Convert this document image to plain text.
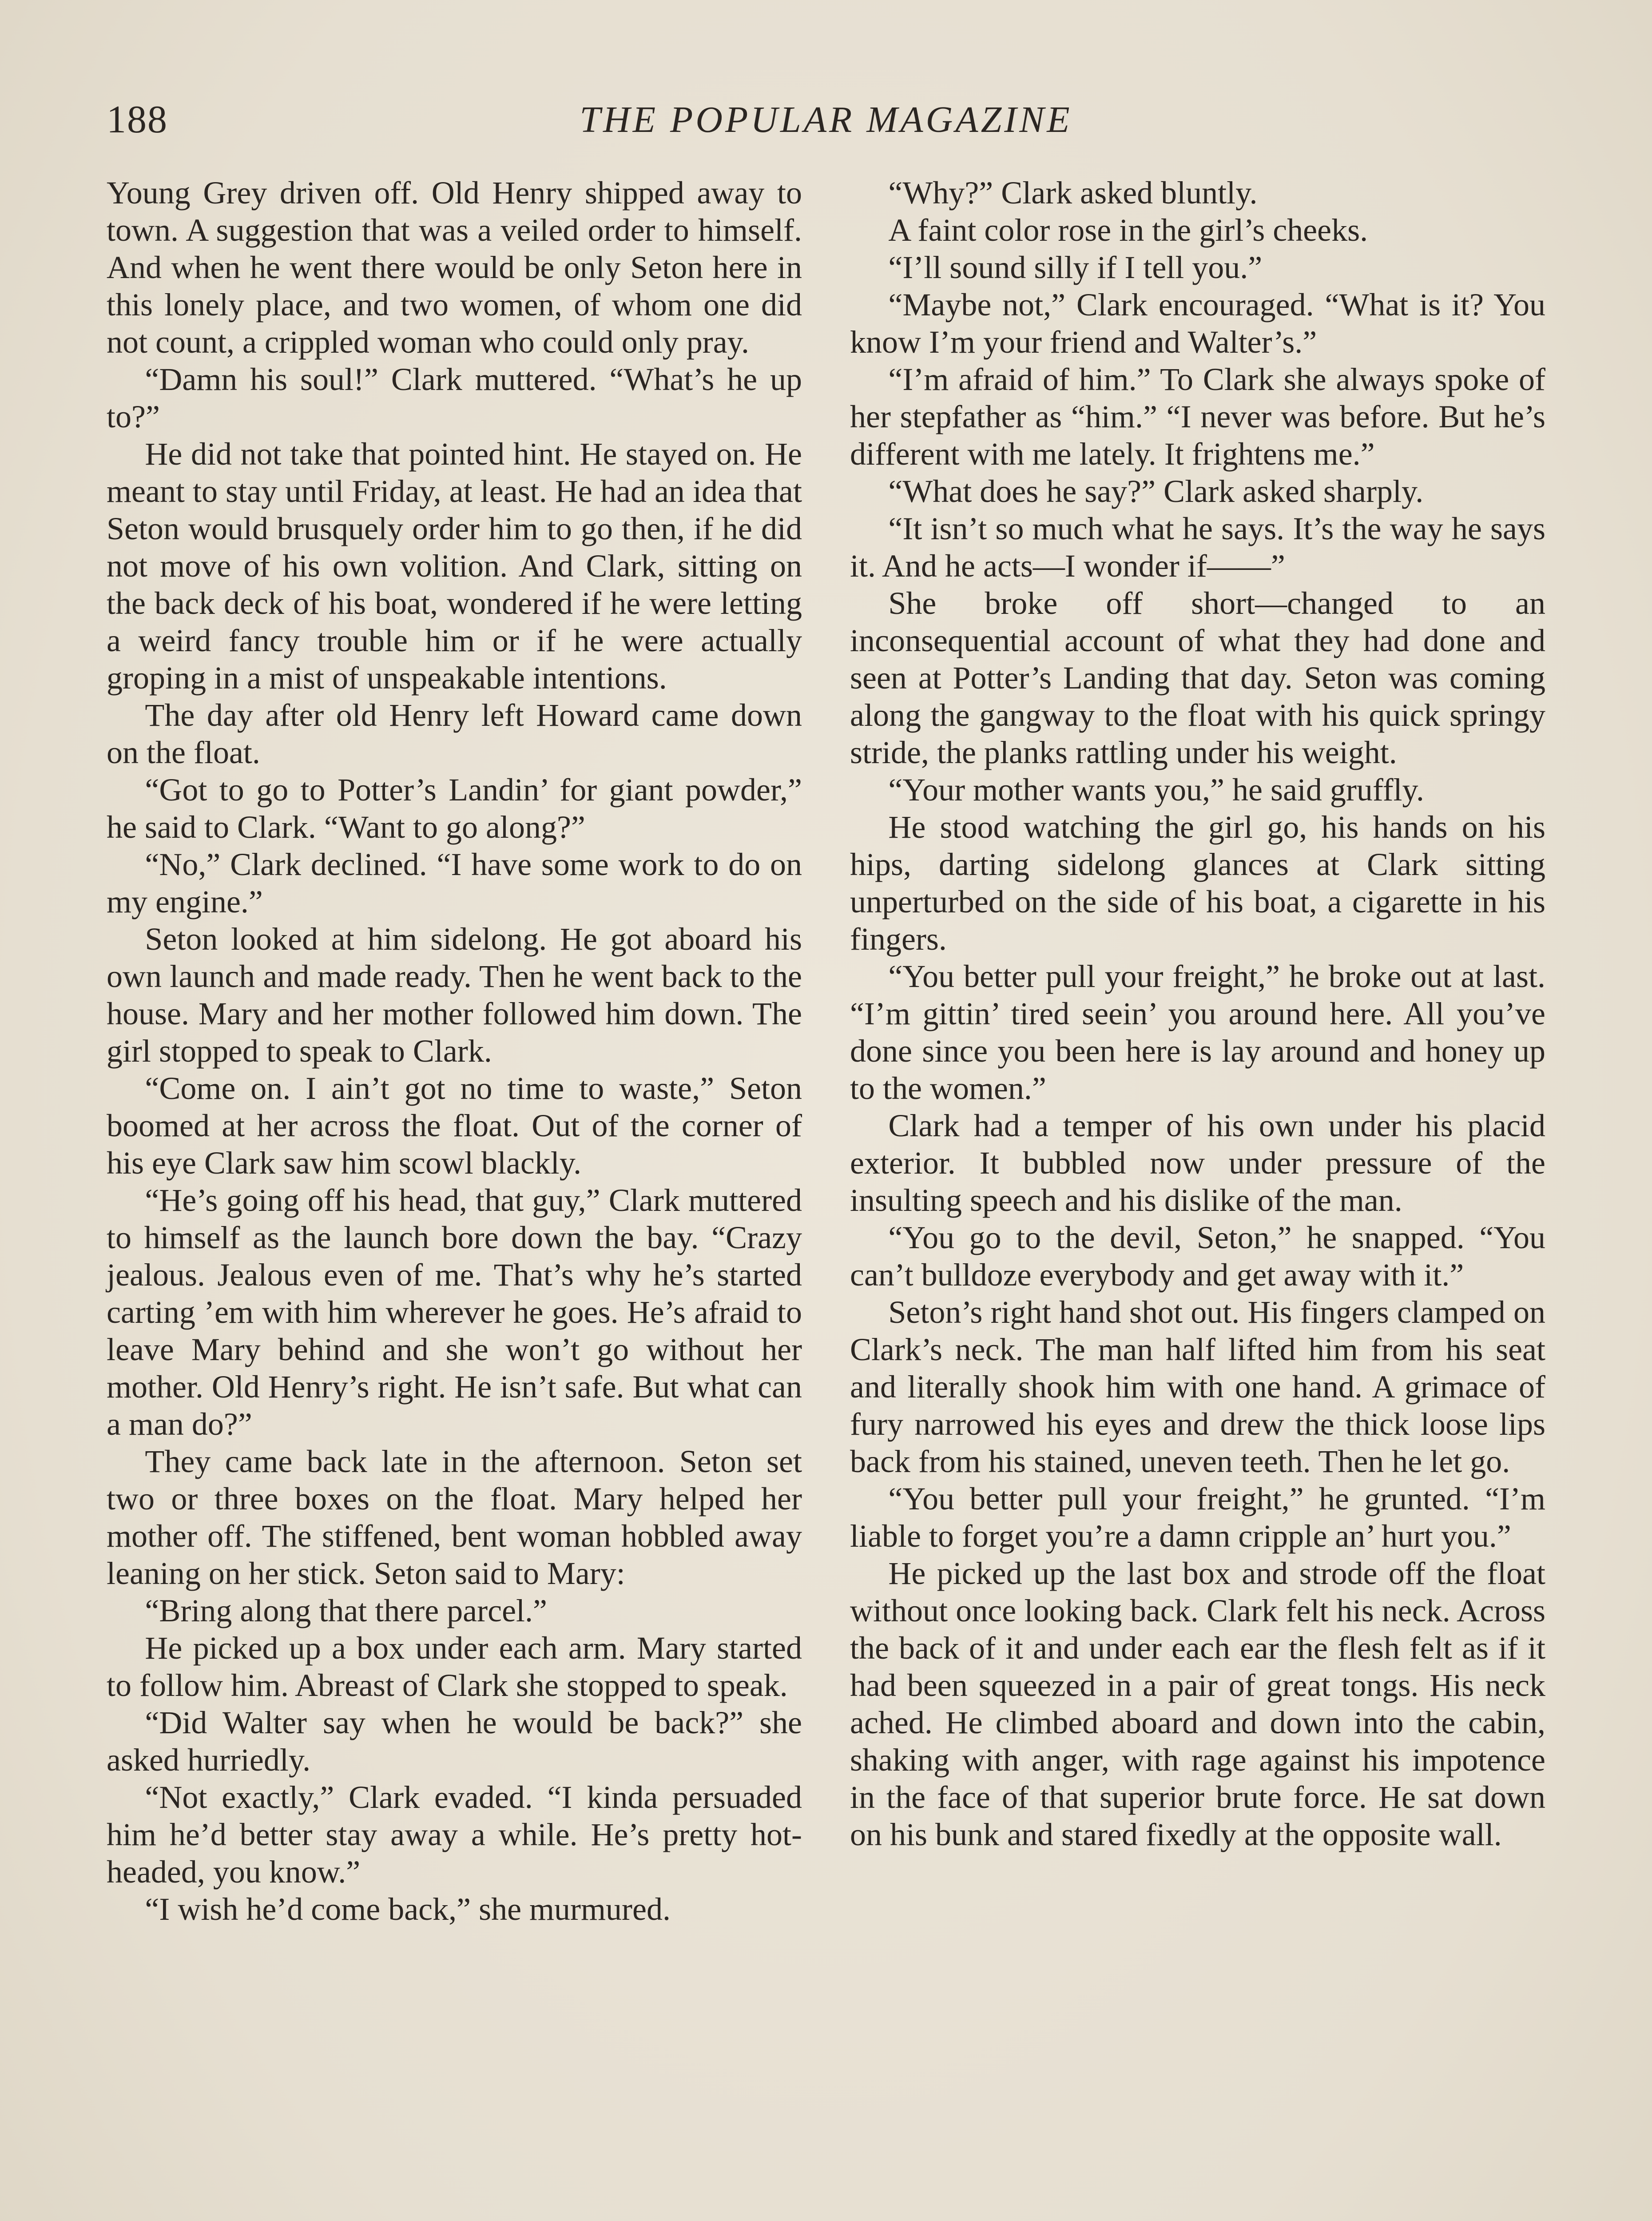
188	THE POPULAR MAGAZINE

Young Grey driven off. Old Henry shipped away to town. A suggestion that was a veiled order to himself. And when he went there would be only Seton here in this lonely place, and two women, of whom one did not count, a crippled woman who could only pray.

“Damn his soul!” Clark muttered. “What’s he up to?”

He did not take that pointed hint. He stayed on. He meant to stay until Friday, at least. He had an idea that Seton would brusquely order him to go then, if he did not move of his own volition. And Clark, sitting on the back deck of his boat, wondered if he were letting a weird fancy trouble him or if he were actually groping in a mist of unspeakable intentions.

The day after old Henry left Howard came down on the float.

“Got to go to Potter’s Landin’ for giant powder,” he said to Clark. “Want to go along?”

“No,” Clark declined. “I have some work to do on my engine.”

Seton looked at him sidelong. He got aboard his own launch and made ready. Then he went back to the house. Mary and her mother followed him down. The girl stopped to speak to Clark.

“Come on. I ain’t got no time to waste,” Seton boomed at her across the float. Out of the corner of his eye Clark saw him scowl blackly.

“He’s going off his head, that guy,” Clark muttered to himself as the launch bore down the bay. “Crazy jealous. Jealous even of me. That’s why he’s started carting ’em with him wherever he goes. He’s afraid to leave Mary behind and she won’t go without her mother. Old Henry’s right. He isn’t safe. But what can a man do?”

They came back late in the afternoon. Seton set two or three boxes on the float. Mary helped her mother off. The stiffened, bent woman hobbled away leaning on her stick. Seton said to Mary:

“Bring along that there parcel.”

He picked up a box under each arm. Mary started to follow him. Abreast of Clark she stopped to speak.

“Did Walter say when he would be back?” she asked hurriedly.

“Not exactly,” Clark evaded. “I kinda persuaded him he’d better stay away a while. He’s pretty hot-headed, you know.”

“I wish he’d come back,” she murmured.

“Why?” Clark asked bluntly.

A faint color rose in the girl’s cheeks.

“I’ll sound silly if I tell you.”

“Maybe not,” Clark encouraged. “What is it? You know I’m your friend and Walter’s.”

“I’m afraid of him.” To Clark she always spoke of her stepfather as “him.” “I never was before. But he’s different with me lately. It frightens me.”

“What does he say?” Clark asked sharply.

“It isn’t so much what he says. It’s the way he says it. And he acts—I wonder if——”

She broke off short—changed to an inconsequential account of what they had done and seen at Potter’s Landing that day. Seton was coming along the gangway to the float with his quick springy stride, the planks rattling under his weight.

“Your mother wants you,” he said gruffly.

He stood watching the girl go, his hands on his hips, darting sidelong glances at Clark sitting unperturbed on the side of his boat, a cigarette in his fingers.

“You better pull your freight,” he broke out at last. “I’m gittin’ tired seein’ you around here. All you’ve done since you been here is lay around and honey up to the women.”

Clark had a temper of his own under his placid exterior. It bubbled now under pressure of the insulting speech and his dislike of the man.

“You go to the devil, Seton,” he snapped. “You can’t bulldoze everybody and get away with it.”

Seton’s right hand shot out. His fingers clamped on Clark’s neck. The man half lifted him from his seat and literally shook him with one hand. A grimace of fury narrowed his eyes and drew the thick loose lips back from his stained, uneven teeth. Then he let go.

“You better pull your freight,” he grunted. “I’m liable to forget you’re a damn cripple an’ hurt you.”

He picked up the last box and strode off the float without once looking back. Clark felt his neck. Across the back of it and under each ear the flesh felt as if it had been squeezed in a pair of great tongs. His neck ached. He climbed aboard and down into the cabin, shaking with anger, with rage against his impotence in the face of that superior brute force. He sat down on his bunk and stared fixedly at the opposite wall.
